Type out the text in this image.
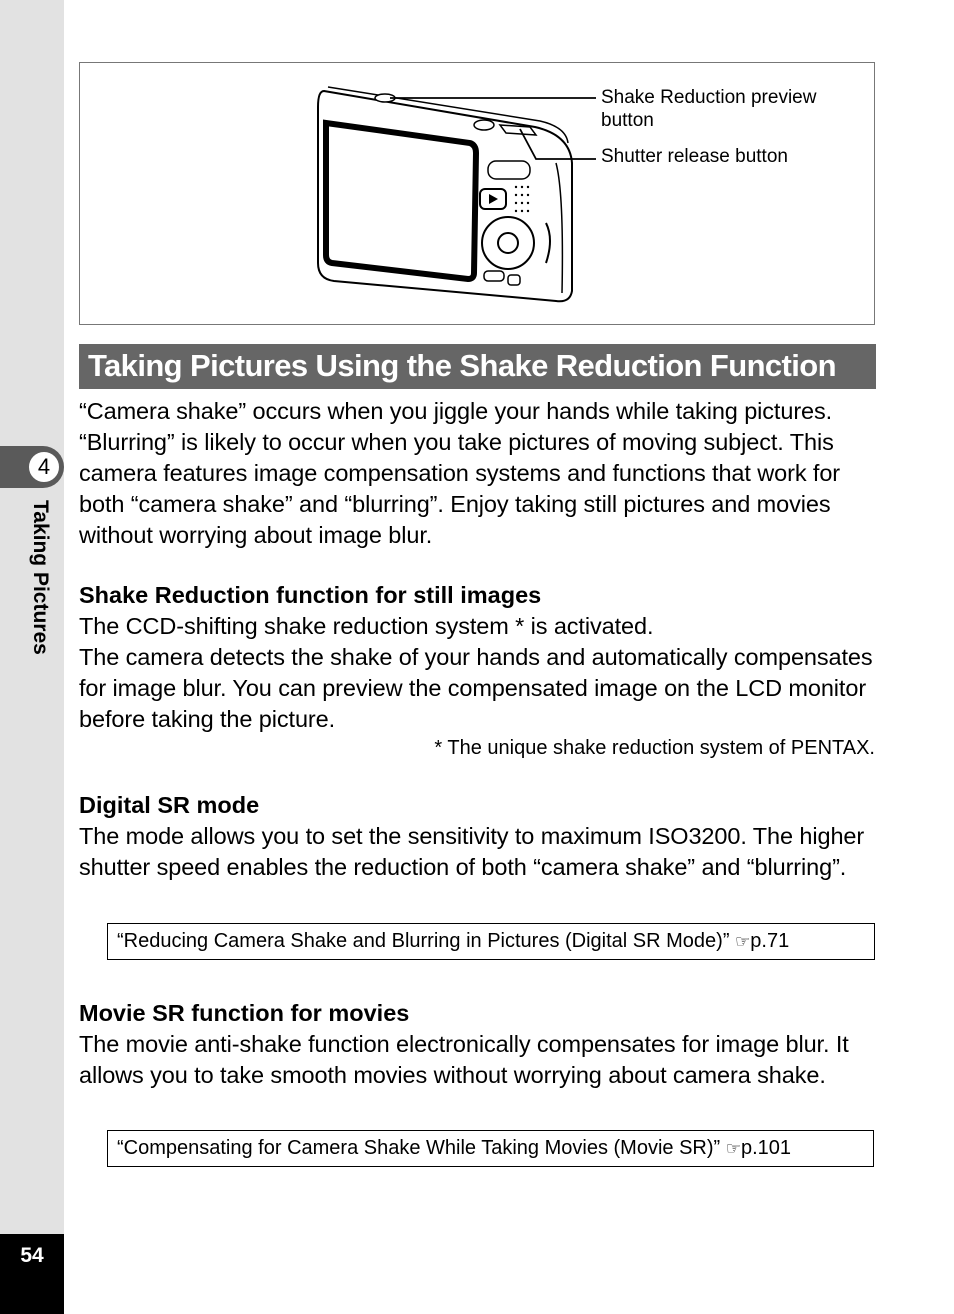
4
Taking Pictures
54
Shake Reduction preview button
Shutter release button
Taking Pictures Using the Shake Reduction Function

“Camera shake” occurs when you jiggle your hands while taking pictures. “Blurring” is likely to occur when you take pictures of moving subject. This camera features image compensation systems and functions that work for both “camera shake” and “blurring”. Enjoy taking still pictures and movies without worrying about image blur.

Shake Reduction function for still images

The CCD-shifting shake reduction system * is activated.

The camera detects the shake of your hands and automatically compensates for image blur. You can preview the compensated image on the LCD monitor before taking the picture.

* The unique shake reduction system of PENTAX.
Digital SR mode

The mode allows you to set the sensitivity to maximum ISO3200. The higher shutter speed enables the reduction of both “camera shake” and “blurring”.

“Reducing Camera Shake and Blurring in Pictures (Digital SR Mode)” ☞p.71
Movie SR function for movies

The movie anti-shake function electronically compensates for image blur. It allows you to take smooth movies without worrying about camera shake.

“Compensating for Camera Shake While Taking Movies (Movie SR)” ☞p.101
